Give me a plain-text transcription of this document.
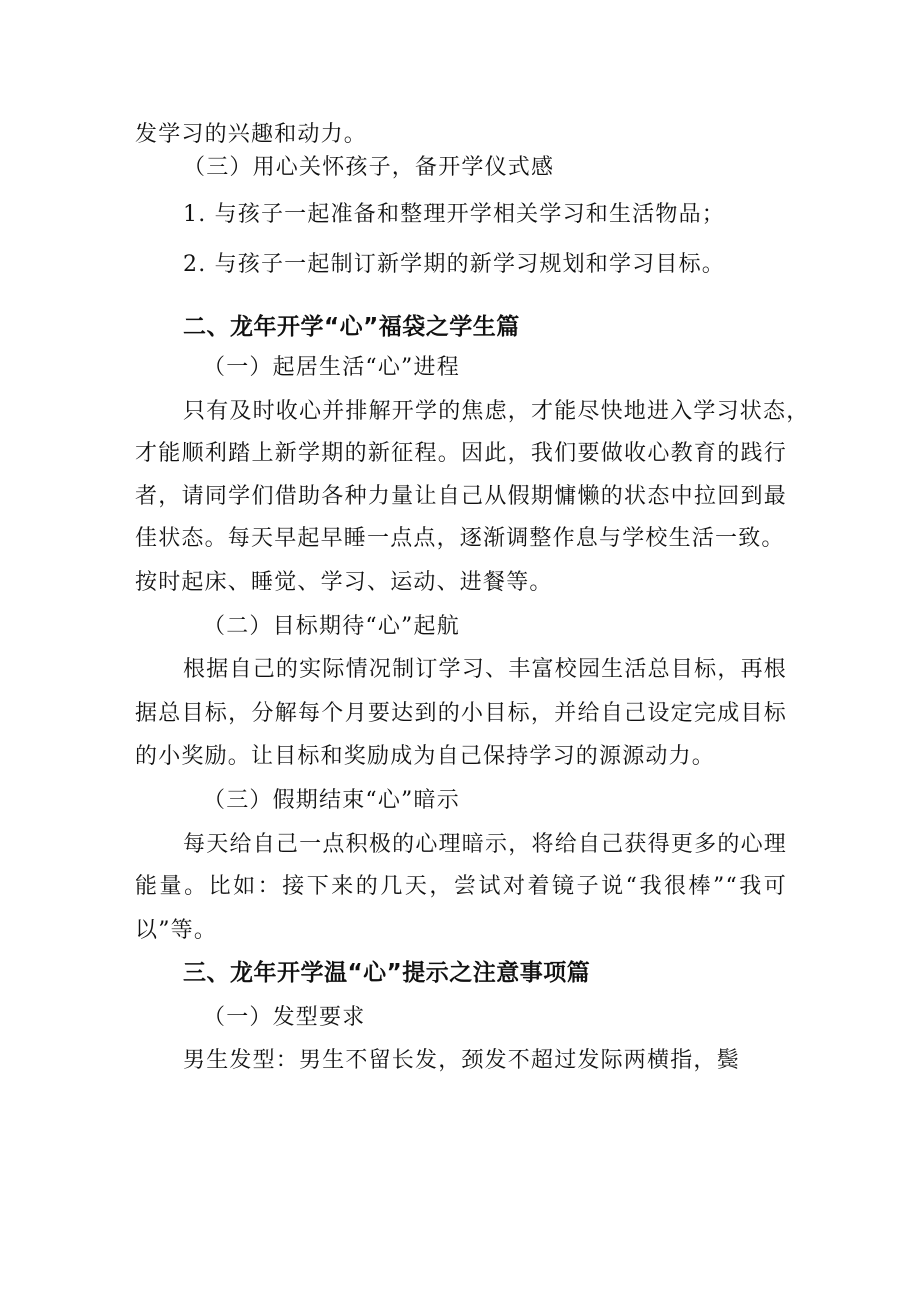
发学习的兴趣和动力。
（三）用心关怀孩子，备开学仪式感
1. 与孩子一起准备和整理开学相关学习和生活物品；
2. 与孩子一起制订新学期的新学习规划和学习目标。
二、龙年开学“心”福袋之学生篇
（一）起居生活“心”进程
只有及时收心并排解开学的焦虑，才能尽快地进入学习状态，
才能顺利踏上新学期的新征程。因此，我们要做收心教育的践行
者，请同学们借助各种力量让自己从假期慵懒的状态中拉回到最
佳状态。每天早起早睡一点点，逐渐调整作息与学校生活一致。
按时起床、睡觉、学习、运动、进餐等。
（二）目标期待“心”起航
根据自己的实际情况制订学习、丰富校园生活总目标，再根
据总目标，分解每个月要达到的小目标，并给自己设定完成目标
的小奖励。让目标和奖励成为自己保持学习的源源动力。
（三）假期结束“心”暗示
每天给自己一点积极的心理暗示，将给自己获得更多的心理
能量。比如：接下来的几天，尝试对着镜子说“我很棒”“我可
以”等。
三、龙年开学温“心”提示之注意事项篇
（一）发型要求
男生发型：男生不留长发，颈发不超过发际两横指，鬓
